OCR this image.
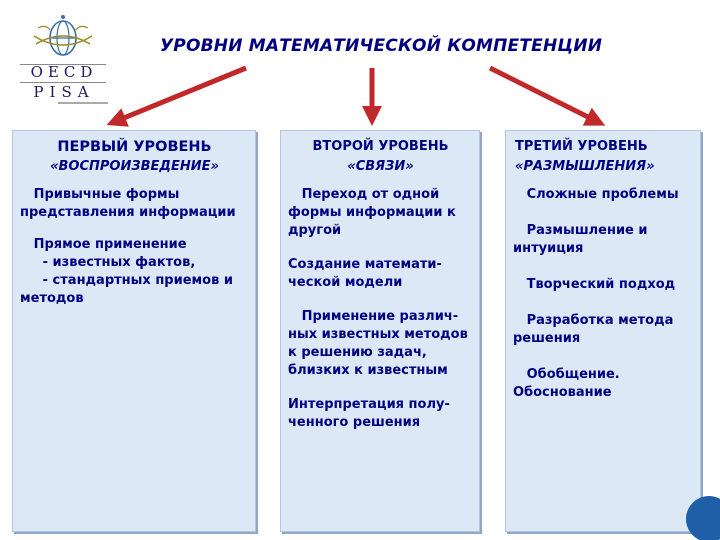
OECD
PISA
УРОВНИ МАТЕМАТИЧЕСКОЙ КОМПЕТЕНЦИИ
ПЕРВЫЙ УРОВЕНЬ
«ВОСПРОИЗВЕДЕНИЕ»
Привычные формы представления информации
Прямое применение
- известных фактов,
- стандартных приемов и методов
ВТОРОЙ УРОВЕНЬ
«СВЯЗИ»
Переход от одной формы информации к другой
Создание математи-ческой модели
Применение различ-ных известных методов к решению задач, близких к известным
Интерпретация полу-ченного решения
ТРЕТИЙ УРОВЕНЬ
«РАЗМЫШЛЕНИЯ»
Сложные проблемы
Размышление и интуиция
Творческий подход
Разработка метода решения
Обобщение. Обоснование
